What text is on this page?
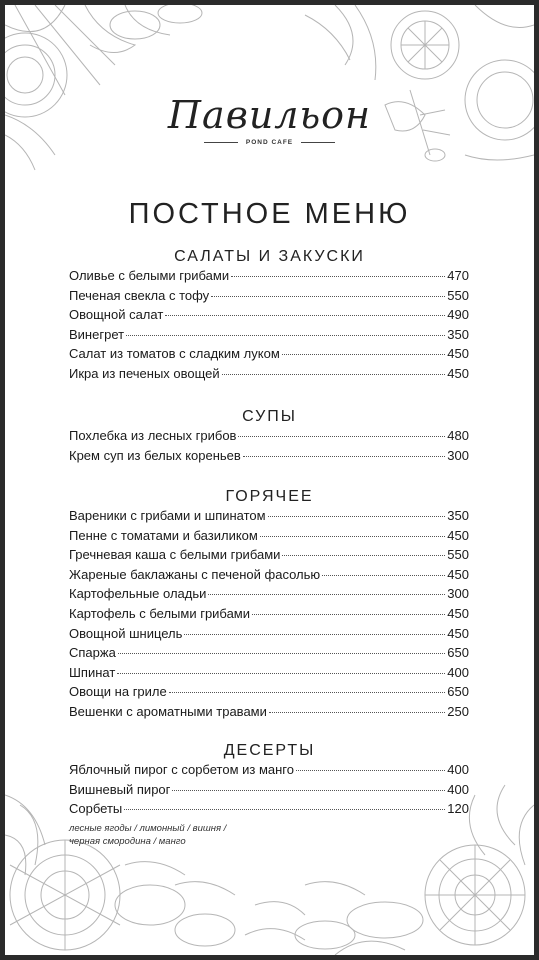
Павильон
POND CAFE
ПОСТНОЕ МЕНЮ
САЛАТЫ И ЗАКУСКИ
Оливье с белыми грибами	470
Печеная свекла с тофу	550
Овощной салат	490
Винегрет	350
Салат из томатов с сладким луком	450
Икра из печеных овощей	450
СУПЫ
Похлебка из лесных грибов	480
Крем суп из белых кореньев	300
ГОРЯЧЕЕ
Вареники с грибами и шпинатом	350
Пенне с томатами и базиликом	450
Гречневая каша с белыми грибами	550
Жареные баклажаны с печеной фасолью	450
Картофельные оладьи	300
Картофель с белыми грибами	450
Овощной шницель	450
Спаржа	650
Шпинат	400
Овощи на гриле	650
Вешенки с ароматными травами	250
ДЕСЕРТЫ
Яблочный пирог с сорбетом из манго	400
Вишневый пирог	400
Сорбеты	120
лесные ягоды / лимонный / вишня /
черная смородина / манго
